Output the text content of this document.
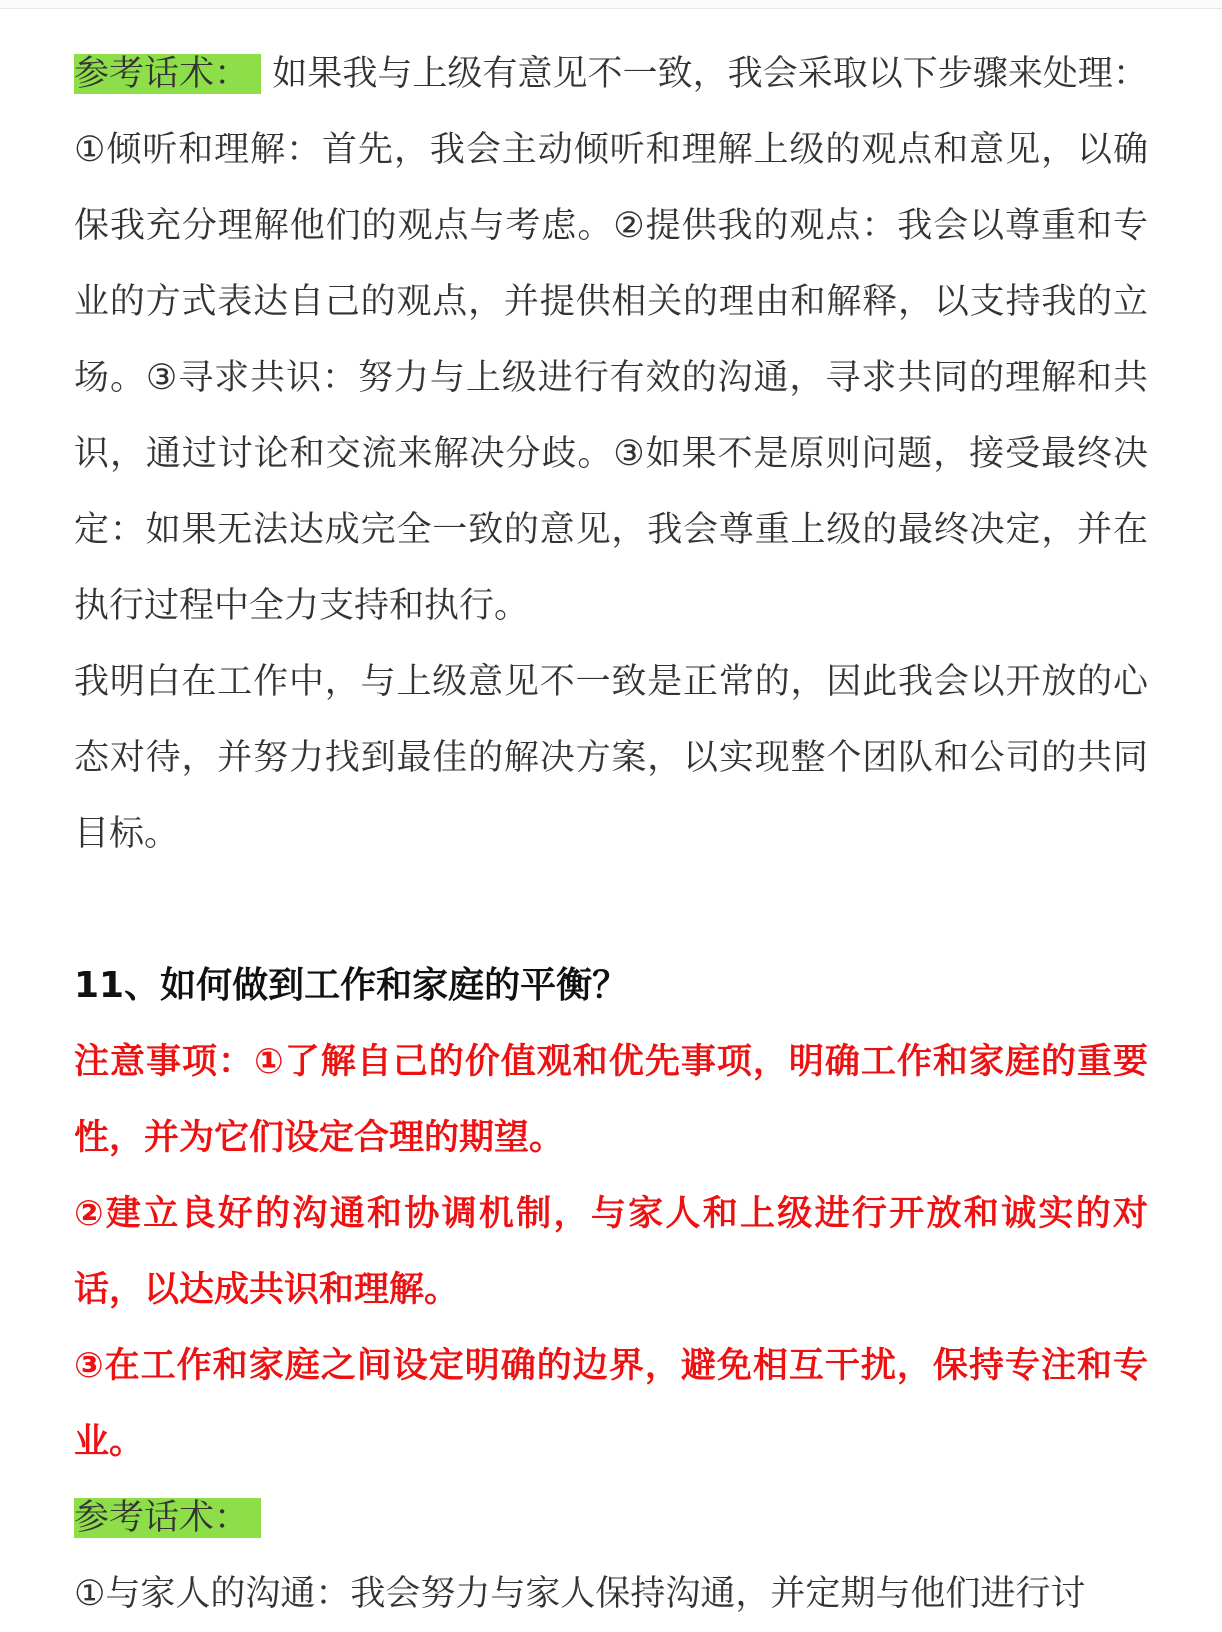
参考话术： 如果我与上级有意见不一致，我会采取以下步骤来处理：①倾听和理解：首先，我会主动倾听和理解上级的观点和意见，以确保我充分理解他们的观点与考虑。②提供我的观点：我会以尊重和专业的方式表达自己的观点，并提供相关的理由和解释，以支持我的立场。③寻求共识：努力与上级进行有效的沟通，寻求共同的理解和共识，通过讨论和交流来解决分歧。③如果不是原则问题，接受最终决定：如果无法达成完全一致的意见，我会尊重上级的最终决定，并在执行过程中全力支持和执行。

我明白在工作中，与上级意见不一致是正常的，因此我会以开放的心态对待，并努力找到最佳的解决方案，以实现整个团队和公司的共同目标。

11、如何做到工作和家庭的平衡？

注意事项：①了解自己的价值观和优先事项，明确工作和家庭的重要性，并为它们设定合理的期望。

②建立良好的沟通和协调机制，与家人和上级进行开放和诚实的对话，以达成共识和理解。

③在工作和家庭之间设定明确的边界，避免相互干扰，保持专注和专业。

参考话术：

①与家人的沟通：我会努力与家人保持沟通，并定期与他们进行讨
